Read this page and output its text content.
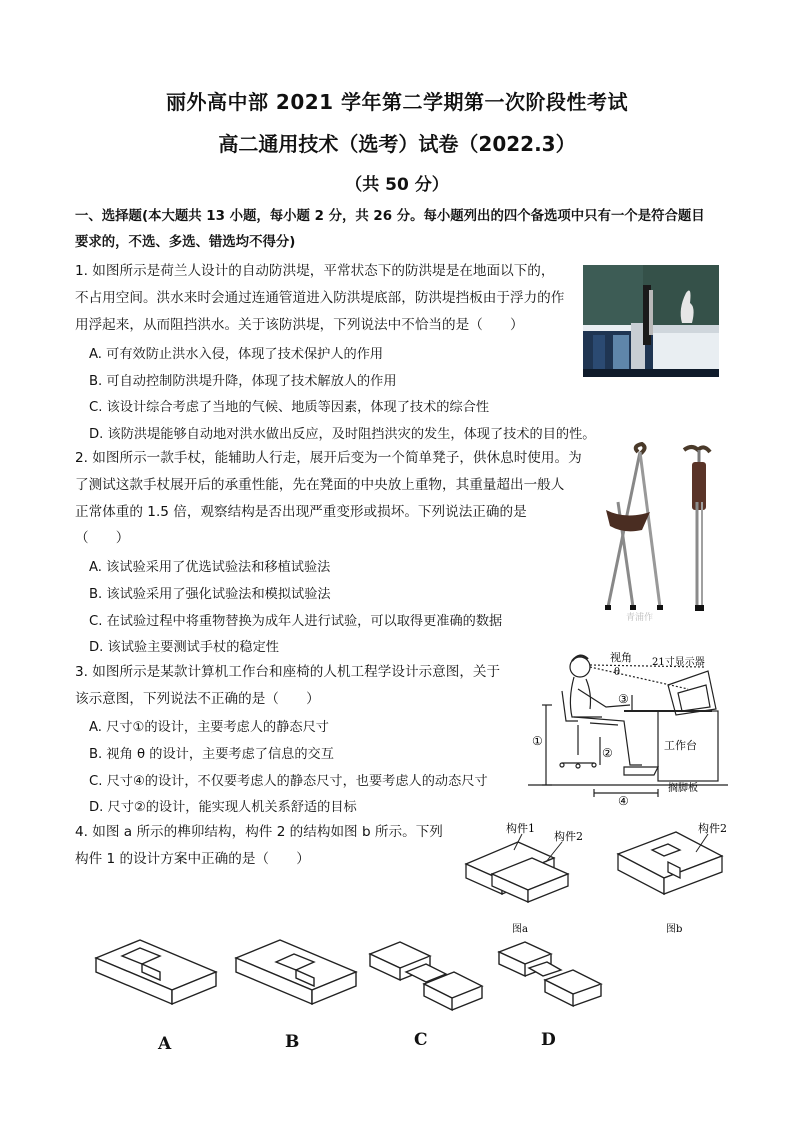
丽外高中部 2021 学年第二学期第一次阶段性考试
高二通用技术（选考）试卷（2022.3）
（共 50 分）
一、选择题(本大题共 13 小题，每小题 2 分，共 26 分。每小题列出的四个备选项中只有一个是符合题目
要求的，不选、多选、错选均不得分)
1. 如图所示是荷兰人设计的自动防洪堤，平常状态下的防洪堤是在地面以下的，
不占用空间。洪水来时会通过连通管道进入防洪堤底部，防洪堤挡板由于浮力的作
用浮起来，从而阻挡洪水。关于该防洪堤，下列说法中不恰当的是（　　）
A. 可有效防止洪水入侵，体现了技术保护人的作用
B. 可自动控制防洪堤升降，体现了技术解放人的作用
C. 该设计综合考虑了当地的气候、地质等因素，体现了技术的综合性
D. 该防洪堤能够自动地对洪水做出反应，及时阻挡洪灾的发生，体现了技术的目的性。
2. 如图所示一款手杖，能辅助人行走，展开后变为一个简单凳子，供休息时使用。为
了测试这款手杖展开后的承重性能，先在凳面的中央放上重物，其重量超出一般人
正常体重的 1.5 倍，观察结构是否出现严重变形或损坏。下列说法正确的是
（　　）
A. 该试验采用了优选试验法和移植试验法
B. 该试验采用了强化试验法和模拟试验法
C. 在试验过程中将重物替换为成年人进行试验，可以取得更准确的数据
D. 该试验主要测试手杖的稳定性
青浦作
3. 如图所示是某款计算机工作台和座椅的人机工程学设计示意图，关于
该示意图，下列说法不正确的是（　　）
A. 尺寸①的设计，主要考虑人的静态尺寸
B. 视角 θ 的设计，主要考虑了信息的交互
C. 尺寸④的设计，不仅要考虑人的静态尺寸，也要考虑人的动态尺寸
D. 尺寸②的设计，能实现人机关系舒适的目标
视角
θ
21寸显示器
工作台
搁脚板
①
②
③
④
4. 如图 a 所示的榫卯结构，构件 2 的结构如图 b 所示。下列
构件 1 的设计方案中正确的是（　　）
构件1
构件2
图a
构件2
图b
A	B	C	D
